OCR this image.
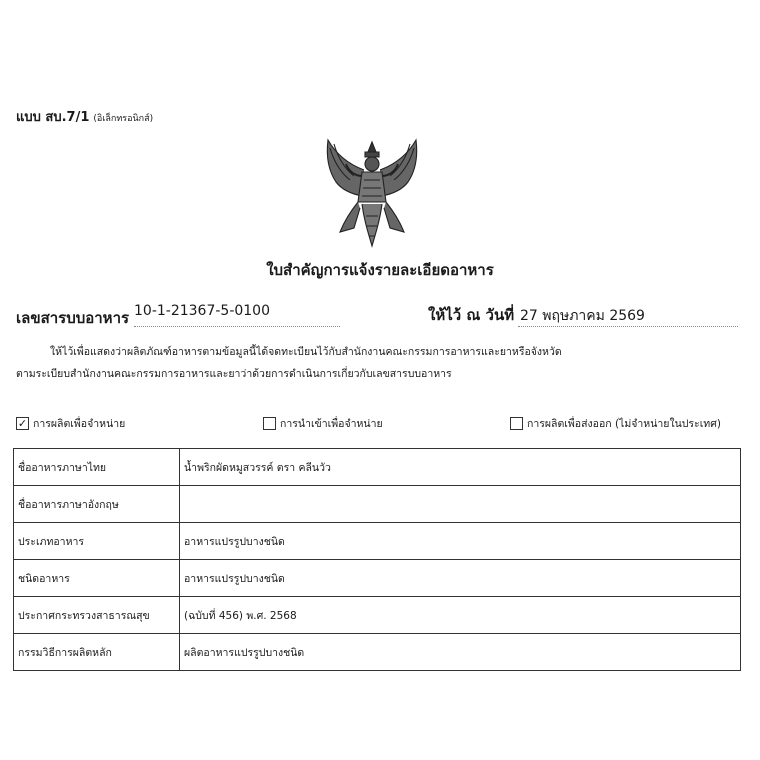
แบบ สบ.7/1 (อิเล็กทรอนิกส์)
ใบสำคัญการแจ้งรายละเอียดอาหาร
เลขสารบบอาหาร 10-1-21367-5-0100	ให้ไว้ ณ วันที่ 27 พฤษภาคม 2569
ให้ไว้เพื่อแสดงว่าผลิตภัณฑ์อาหารตามข้อมูลนี้ได้จดทะเบียนไว้กับสำนักงานคณะกรรมการอาหารและยาหรือจังหวัด
ตามระเบียบสำนักงานคณะกรรมการอาหารและยาว่าด้วยการดำเนินการเกี่ยวกับเลขสารบบอาหาร
✓ การผลิตเพื่อจำหน่าย	การนำเข้าเพื่อจำหน่าย	การผลิตเพื่อส่งออก (ไม่จำหน่ายในประเทศ)
ชื่ออาหารภาษาไทย	น้ำพริกผัดหมูสวรรค์ ตรา คลีนวัว
ชื่ออาหารภาษาอังกฤษ	
ประเภทอาหาร	อาหารแปรรูปบางชนิด
ชนิดอาหาร	อาหารแปรรูปบางชนิด
ประกาศกระทรวงสาธารณสุข	(ฉบับที่ 456) พ.ศ. 2568
กรรมวิธีการผลิตหลัก	ผลิตอาหารแปรรูปบางชนิด
